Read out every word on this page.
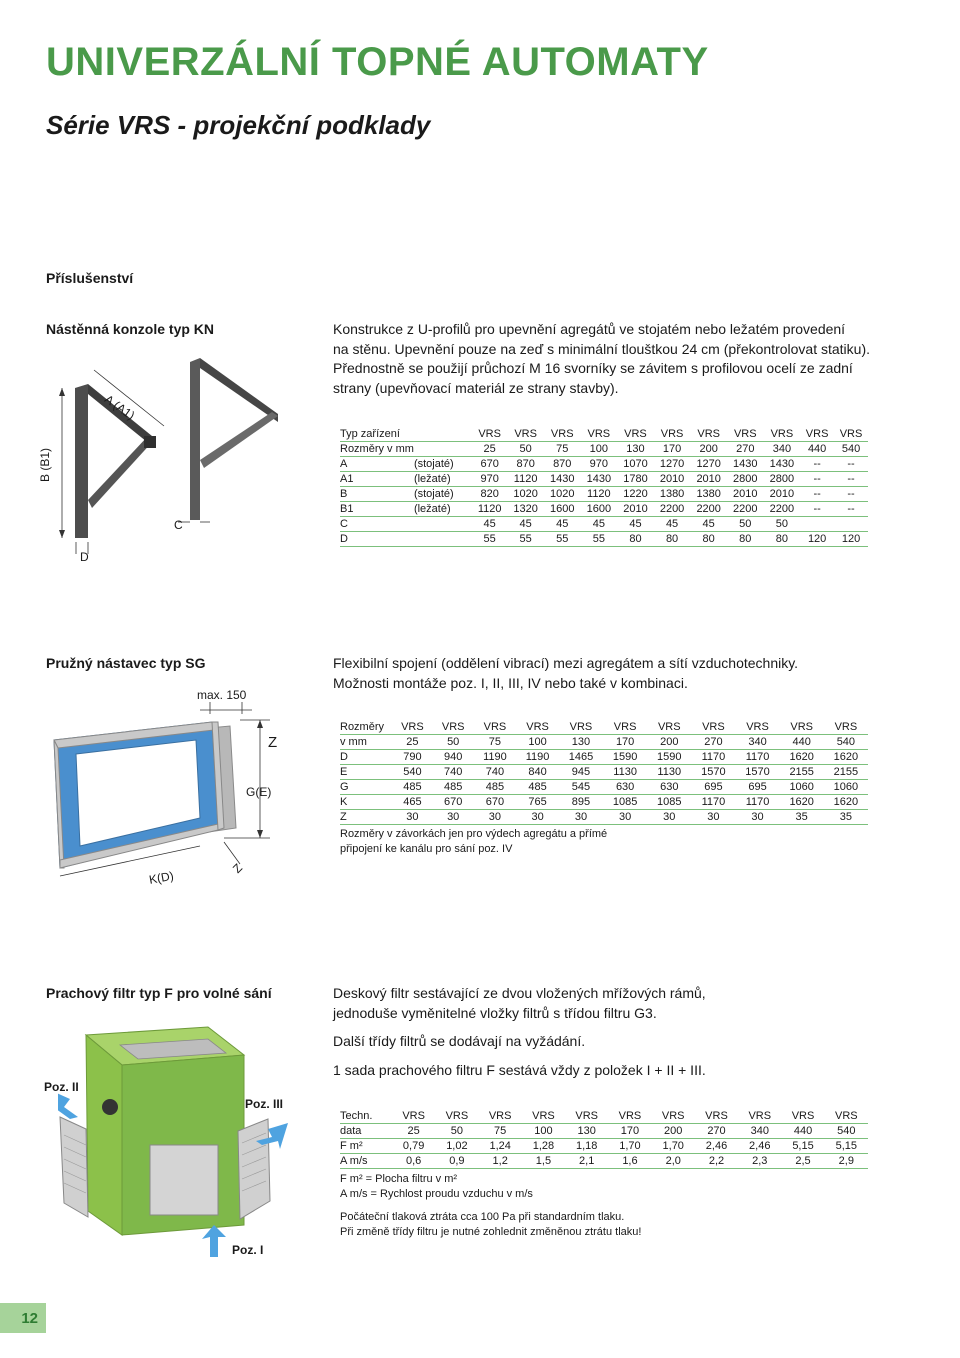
UNIVERZÁLNÍ TOPNÉ AUTOMATY
Série VRS - projekční podklady
Příslušenství
Nástěnná konzole typ KN	Konstrukce z U-profilů pro upevnění agregátů ve stojatém nebo ležatém provedení
na stěnu. Upevnění pouze na zeď s minimální tlouštkou 24 cm (překontrolovat statiku).
Přednostně se použijí průchozí M 16 svorníky se závitem s profilovou ocelí ze zadní
strany (upevňovací materiál ze strany stavby).
A (A1)
B (B1)
C
D
Typ zařízení		VRS	VRS	VRS	VRS	VRS	VRS	VRS	VRS	VRS	VRS	VRS
Rozměry v mm		25	50	75	100	130	170	200	270	340	440	540
A	(stojaté)	670	870	870	970	1070	1270	1270	1430	1430	--	--
A1	(ležaté)	970	1120	1430	1430	1780	2010	2010	2800	2800	--	--
B	(stojaté)	820	1020	1020	1120	1220	1380	1380	2010	2010	--	--
B1	(ležaté)	1120	1320	1600	1600	2010	2200	2200	2200	2200	--	--
C		45	45	45	45	45	45	45	50	50		
D		55	55	55	55	80	80	80	80	80	120	120
Pružný nástavec typ SG	Flexibilní spojení (oddělení vibrací) mezi agregátem a sítí vzduchotechniky.
Možnosti montáže poz. I, II, III, IV nebo také v kombinaci.
max. 150
Z
G(E)
K(D)
Z
Rozměry	VRS	VRS	VRS	VRS	VRS	VRS	VRS	VRS	VRS	VRS	VRS
v mm	25	50	75	100	130	170	200	270	340	440	540
D	790	940	1190	1190	1465	1590	1590	1170	1170	1620	1620
E	540	740	740	840	945	1130	1130	1570	1570	2155	2155
G	485	485	485	485	545	630	630	695	695	1060	1060
K	465	670	670	765	895	1085	1085	1170	1170	1620	1620
Z	30	30	30	30	30	30	30	30	30	35	35
Rozměry v závorkách jen pro výdech agregátu a přímé
připojení ke kanálu pro sání poz. IV
Prachový filtr typ F pro volné sání	Deskový filtr sestávající ze dvou vložených mřížových rámů,
jednoduše vyměnitelné vložky filtrů s třídou filtru G3.
Další třídy filtrů se dodávají na vyžádání.
1 sada prachového filtru F sestává vždy z položek I + II + III.
Poz. II
Poz. III
Poz. I
Techn.	VRS	VRS	VRS	VRS	VRS	VRS	VRS	VRS	VRS	VRS	VRS
data	25	50	75	100	130	170	200	270	340	440	540
F m²	0,79	1,02	1,24	1,28	1,18	1,70	1,70	2,46	2,46	5,15	5,15
A m/s	0,6	0,9	1,2	1,5	2,1	1,6	2,0	2,2	2,3	2,5	2,9
F m² = Plocha filtru v m²
A m/s = Rychlost proudu vzduchu v m/s
Počáteční tlaková ztráta cca 100 Pa při standardním tlaku.
Při změně třídy filtru je nutné zohlednit změněnou ztrátu tlaku!
12
